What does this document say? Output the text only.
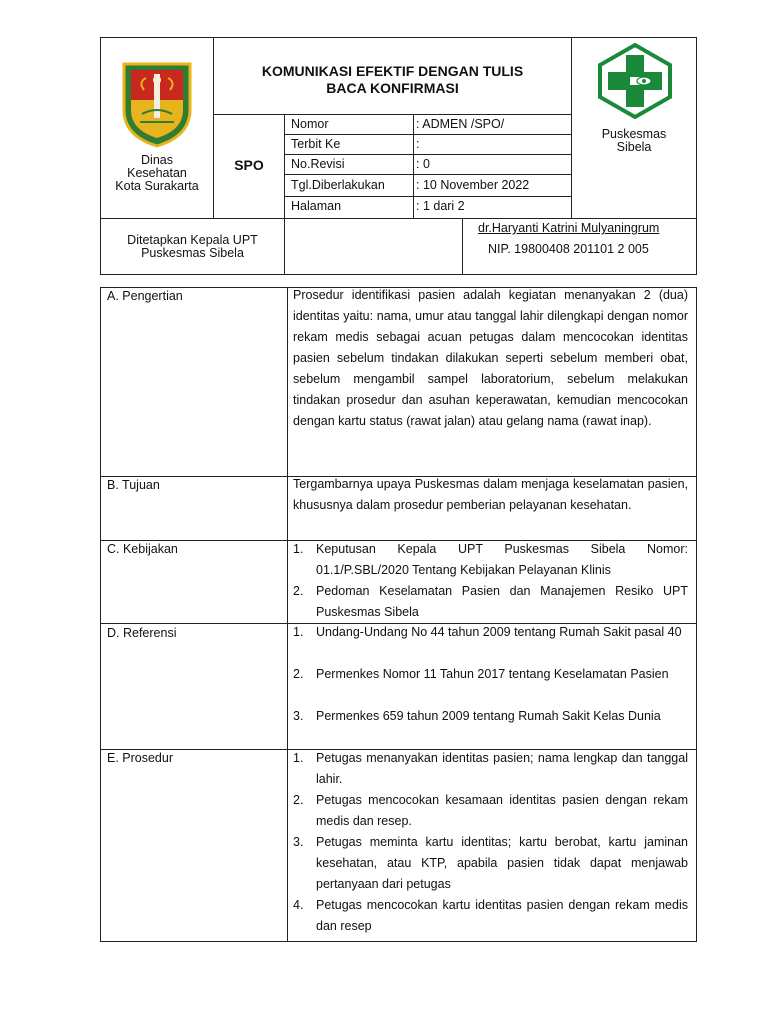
Dinas
Kesehatan
Kota Surakarta
KOMUNIKASI EFEKTIF DENGAN TULIS
BACA KONFIRMASI
SPO
Nomor	: ADMEN /SPO/
Terbit Ke	:
No.Revisi	: 0
Tgl.Diberlakukan : 10 November 2022
Halaman	: 1 dari 2
Puskesmas
Sibela
Ditetapkan Kepala UPT
Puskesmas Sibela
dr.Haryanti Katrini Mulyaningrum
NIP. 19800408 201101 2 005
A. Pengertian	Prosedur identifikasi pasien adalah kegiatan menanyakan 2 (dua) identitas yaitu: nama, umur atau tanggal lahir dilengkapi dengan nomor rekam medis sebagai acuan petugas dalam mencocokan identitas pasien sebelum tindakan dilakukan seperti sebelum memberi obat, sebelum mengambil sampel laboratorium, sebelum melakukan tindakan prosedur dan asuhan keperawatan, kemudian mencocokan dengan kartu status (rawat jalan) atau gelang nama (rawat inap).
B. Tujuan	Tergambarnya upaya Puskesmas dalam menjaga keselamatan pasien, khususnya dalam prosedur pemberian pelayanan kesehatan.
C. Kebijakan	1.	Keputusan Kepala UPT Puskesmas Sibela Nomor: 01.1/P.SBL/2020 Tentang Kebijakan Pelayanan Klinis
2.	Pedoman Keselamatan Pasien dan Manajemen Resiko UPT Puskesmas Sibela
D. Referensi	1.	Undang-Undang No 44 tahun 2009 tentang Rumah Sakit pasal 40
2.	Permenkes Nomor 11 Tahun 2017 tentang Keselamatan Pasien
3.	Permenkes 659 tahun 2009 tentang Rumah Sakit Kelas Dunia
E. Prosedur	1.	Petugas menanyakan identitas pasien; nama lengkap dan tanggal lahir.
2.	Petugas mencocokan kesamaan identitas pasien dengan rekam medis dan resep.
3.	Petugas meminta kartu identitas; kartu berobat, kartu jaminan kesehatan, atau KTP, apabila pasien tidak dapat menjawab pertanyaan dari petugas
4.	Petugas mencocokan kartu identitas pasien dengan rekam medis dan resep
